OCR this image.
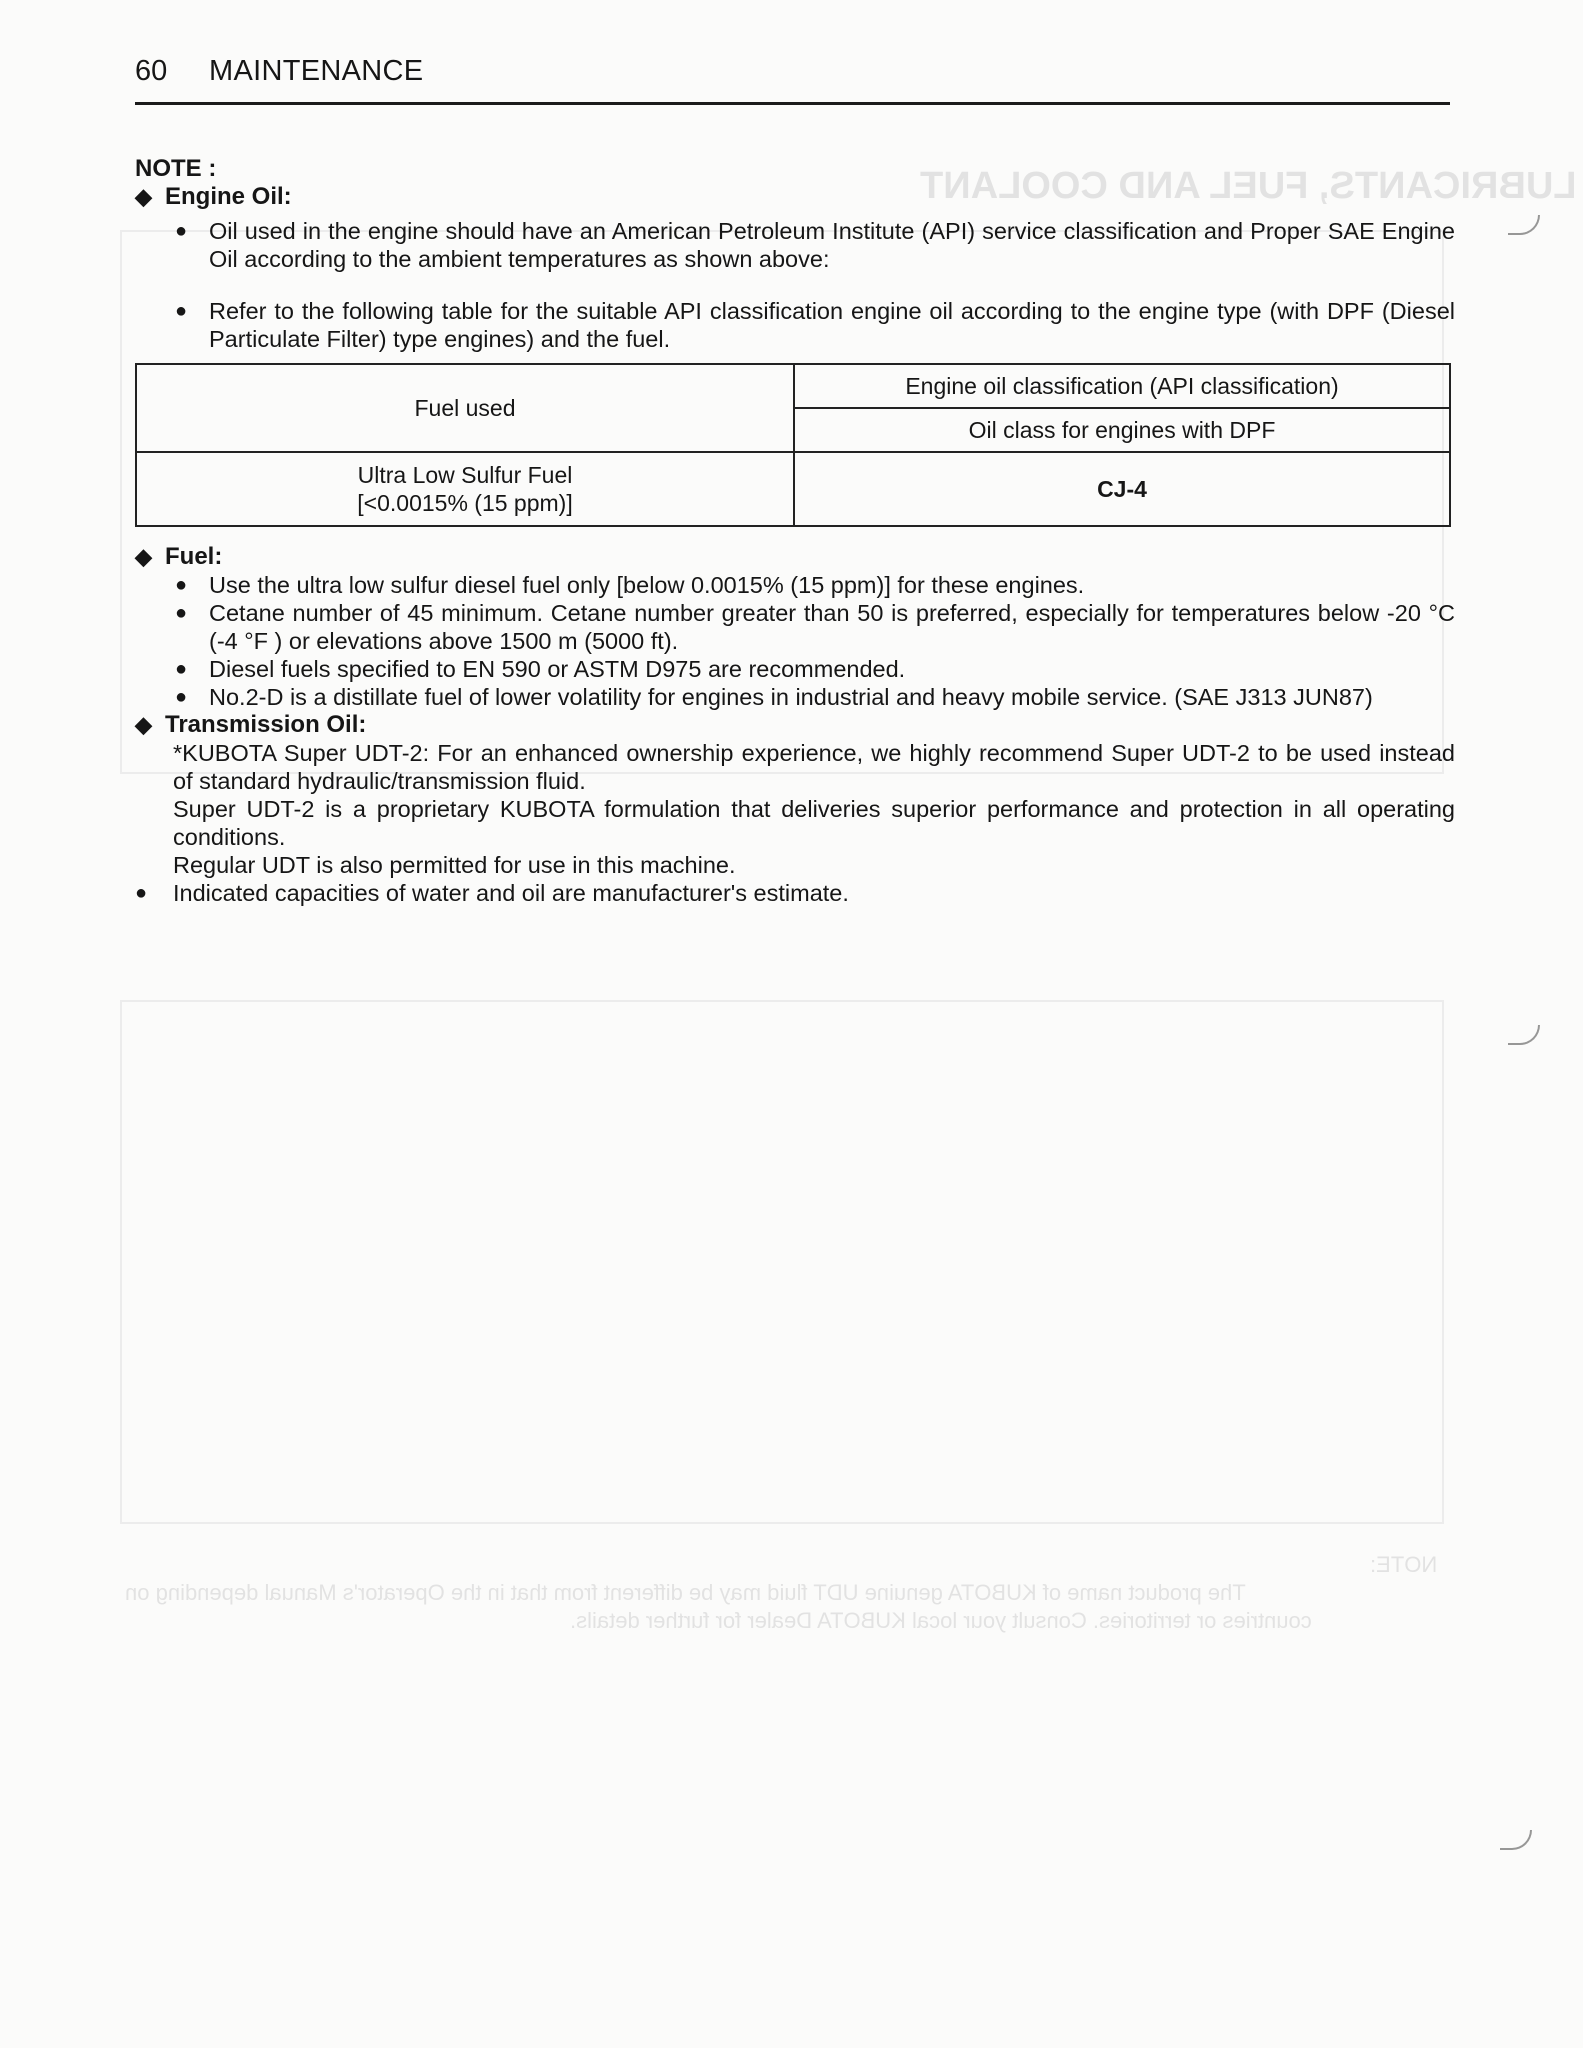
LUBRICANTS, FUEL AND COOLANT
NOTE:
The product name of KUBOTA genuine UDT fluid may be different from that in the Operator's Manual depending on
countries or territories. Consult your local KUBOTA Dealer for further details.
60 MAINTENANCE
NOTE :
◆ Engine Oil:
● Oil used in the engine should have an American Petroleum Institute (API) service classification and Proper SAE Engine Oil according to the ambient temperatures as shown above:
● Refer to the following table for the suitable API classification engine oil according to the engine type (with DPF (Diesel Particulate Filter) type engines) and the fuel.
Fuel used	Engine oil classification (API classification)
	Oil class for engines with DPF

Ultra Low Sulfur Fuel
[<0.0015% (15 ppm)]	CJ-4
◆ Fuel:
● Use the ultra low sulfur diesel fuel only [below 0.0015% (15 ppm)] for these engines.
● Cetane number of 45 minimum. Cetane number greater than 50 is preferred, especially for temperatures below -20 °C (-4 °F ) or elevations above 1500 m (5000 ft).
● Diesel fuels specified to EN 590 or ASTM D975 are recommended.
● No.2-D is a distillate fuel of lower volatility for engines in industrial and heavy mobile service. (SAE J313 JUN87)
◆ Transmission Oil:
*KUBOTA Super UDT-2: For an enhanced ownership experience, we highly recommend Super UDT-2 to be used instead of standard hydraulic/transmission fluid.
Super UDT-2 is a proprietary KUBOTA formulation that deliveries superior performance and protection in all operating conditions.
Regular UDT is also permitted for use in this machine.
●	Indicated capacities of water and oil are manufacturer's estimate.
